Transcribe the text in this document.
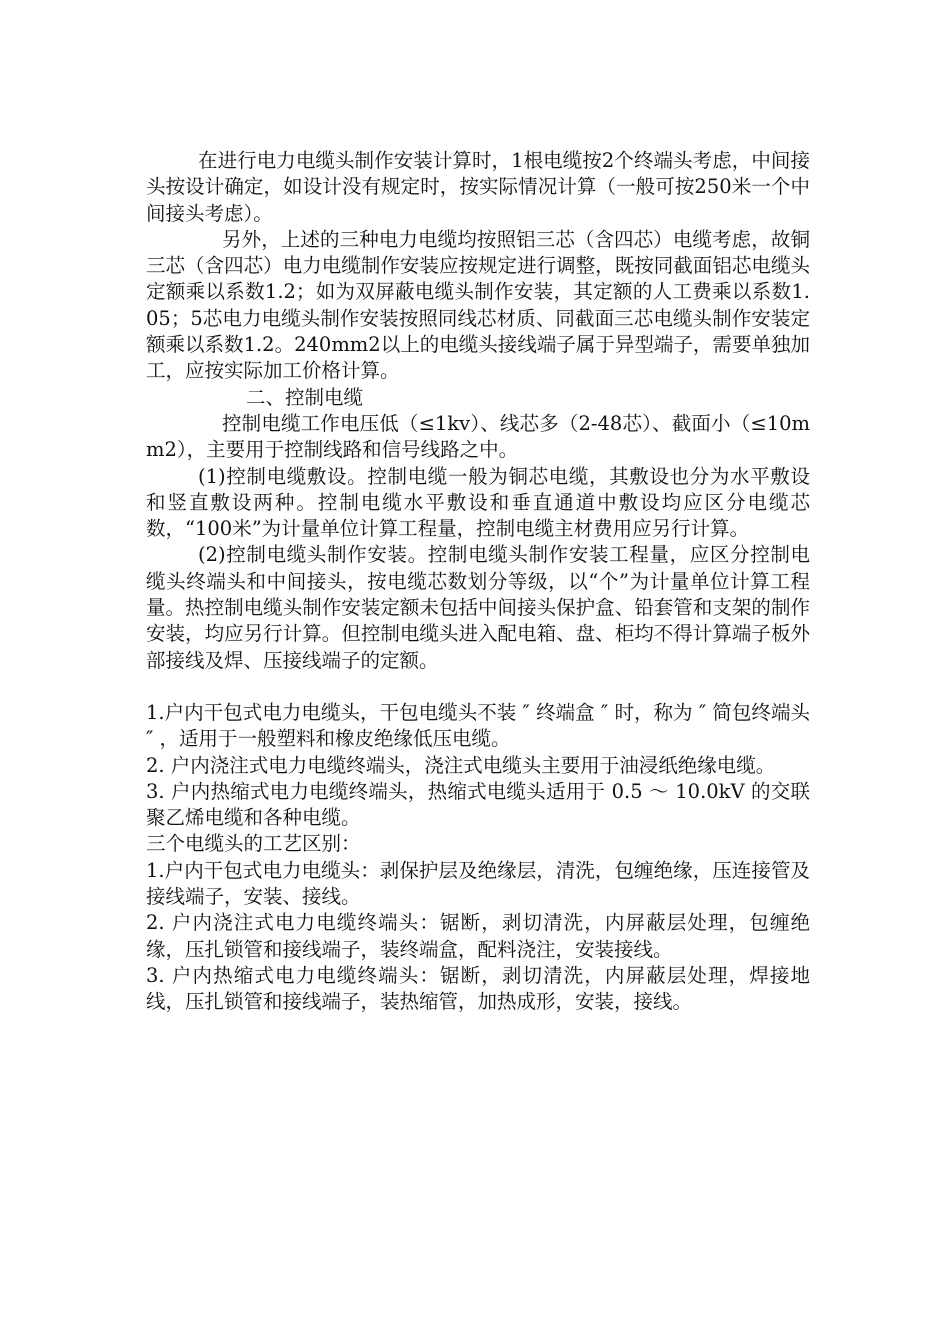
在进行电力电缆头制作安装计算时，1根电缆按2个终端头考虑，中间接头按设计确定，如设计没有规定时，按实际情况计算（一般可按250米一个中间接头考虑）。

另外，上述的三种电力电缆均按照铝三芯（含四芯）电缆考虑，故铜三芯（含四芯）电力电缆制作安装应按规定进行调整，既按同截面铝芯电缆头定额乘以系数1.2；如为双屏蔽电缆头制作安装，其定额的人工费乘以系数1.05；5芯电力电缆头制作安装按照同线芯材质、同截面三芯电缆头制作安装定额乘以系数1.2。240mm2以上的电缆头接线端子属于异型端子，需要单独加工，应按实际加工价格计算。

二、控制电缆

控制电缆工作电压低（≤1kv）、线芯多（2-48芯）、截面小（≤10mm2），主要用于控制线路和信号线路之中。

(1)控制电缆敷设。控制电缆一般为铜芯电缆，其敷设也分为水平敷设和竖直敷设两种。控制电缆水平敷设和垂直通道中敷设均应区分电缆芯数，“100米”为计量单位计算工程量，控制电缆主材费用应另行计算。

(2)控制电缆头制作安装。控制电缆头制作安装工程量，应区分控制电缆头终端头和中间接头，按电缆芯数划分等级，以“个”为计量单位计算工程量。热控制电缆头制作安装定额未包括中间接头保护盒、铅套管和支架的制作安装，均应另行计算。但控制电缆头进入配电箱、盘、柜均不得计算端子板外部接线及焊、压接线端子的定额。

1.户内干包式电力电缆头，干包电缆头不装 ″ 终端盒 ″ 时，称为 ″ 简包终端头 ″ ，适用于一般塑料和橡皮绝缘低压电缆。

2. 户内浇注式电力电缆终端头，浇注式电缆头主要用于油浸纸绝缘电缆。

3. 户内热缩式电力电缆终端头，热缩式电缆头适用于 0.5 ～ 10.0kV 的交联聚乙烯电缆和各种电缆。

三个电缆头的工艺区别：

1.户内干包式电力电缆头：剥保护层及绝缘层，清洗，包缠绝缘，压连接管及接线端子，安装、接线。

2. 户内浇注式电力电缆终端头：锯断，剥切清洗，内屏蔽层处理，包缠绝缘，压扎锁管和接线端子，装终端盒，配料浇注，安装接线。

3. 户内热缩式电力电缆终端头：锯断，剥切清洗，内屏蔽层处理，焊接地线，压扎锁管和接线端子，装热缩管，加热成形，安装，接线。
